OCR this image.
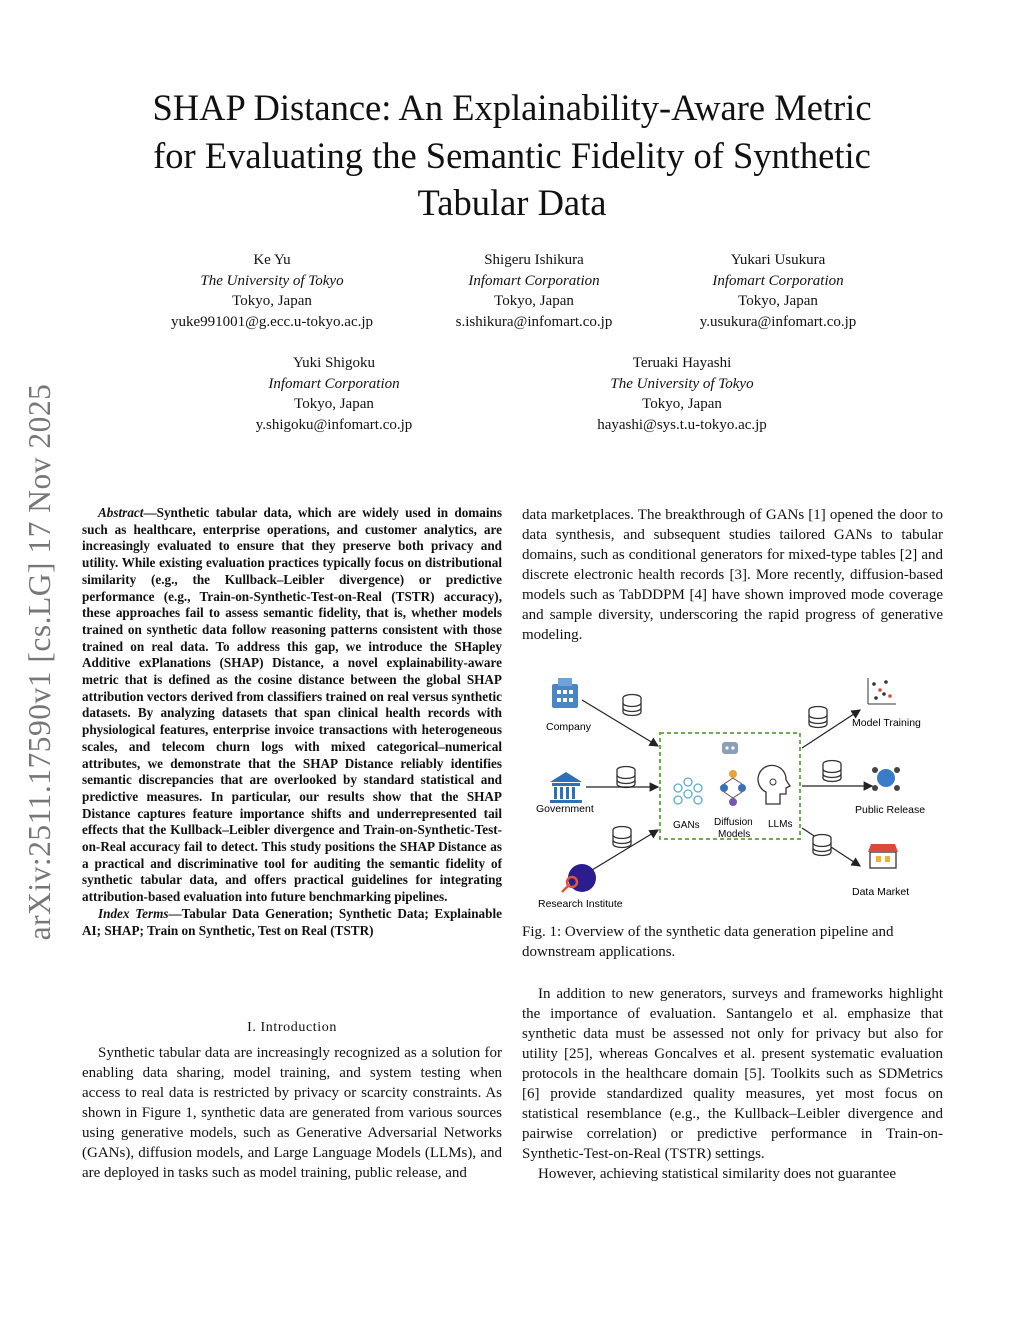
arXiv:2511.17590v1 [cs.LG] 17 Nov 2025
SHAP Distance: An Explainability-Aware Metric
for Evaluating the Semantic Fidelity of Synthetic
Tabular Data
Ke Yu
The University of Tokyo
Tokyo, Japan
yuke991001@g.ecc.u-tokyo.ac.jp
Shigeru Ishikura
Infomart Corporation
Tokyo, Japan
s.ishikura@infomart.co.jp
Yukari Usukura
Infomart Corporation
Tokyo, Japan
y.usukura@infomart.co.jp
Yuki Shigoku
Infomart Corporation
Tokyo, Japan
y.shigoku@infomart.co.jp
Teruaki Hayashi
The University of Tokyo
Tokyo, Japan
hayashi@sys.t.u-tokyo.ac.jp

Abstract—Synthetic tabular data, which are widely used in domains such as healthcare, enterprise operations, and customer analytics, are increasingly evaluated to ensure that they preserve both privacy and utility. While existing evaluation practices typically focus on distributional similarity (e.g., the Kullback–Leibler divergence) or predictive performance (e.g., Train-on-Synthetic-Test-on-Real (TSTR) accuracy), these approaches fail to assess semantic fidelity, that is, whether models trained on synthetic data follow reasoning patterns consistent with those trained on real data. To address this gap, we introduce the SHapley Additive exPlanations (SHAP) Distance, a novel explainability-aware metric that is defined as the cosine distance between the global SHAP attribution vectors derived from classifiers trained on real versus synthetic datasets. By analyzing datasets that span clinical health records with physiological features, enterprise invoice transactions with heterogeneous scales, and telecom churn logs with mixed categorical–numerical attributes, we demonstrate that the SHAP Distance reliably identifies semantic discrepancies that are overlooked by standard statistical and predictive measures. In particular, our results show that the SHAP Distance captures feature importance shifts and underrepresented tail effects that the Kullback–Leibler divergence and Train-on-Synthetic-Test-on-Real accuracy fail to detect. This study positions the SHAP Distance as a practical and discriminative tool for auditing the semantic fidelity of synthetic tabular data, and offers practical guidelines for integrating attribution-based evaluation into future benchmarking pipelines.

Index Terms—Tabular Data Generation; Synthetic Data; Explainable AI; SHAP; Train on Synthetic, Test on Real (TSTR)

I. Introduction

Synthetic tabular data are increasingly recognized as a solution for enabling data sharing, model training, and system testing when access to real data is restricted by privacy or scarcity constraints. As shown in Figure 1, synthetic data are generated from various sources using generative models, such as Generative Adversarial Networks (GANs), diffusion models, and Large Language Models (LLMs), and are deployed in tasks such as model training, public release, and

data marketplaces. The breakthrough of GANs [1] opened the door to data synthesis, and subsequent studies tailored GANs to tabular domains, such as conditional generators for mixed-type tables [2] and discrete electronic health records [3]. More recently, diffusion-based models such as TabDDPM [4] have shown improved mode coverage and sample diversity, underscoring the rapid progress of generative modeling.

Company
Government
Research Institute
GANs Diffusion
Models
LLMs
Model Training
Public Release
Data Market
Fig. 1: Overview of the synthetic data generation pipeline and downstream applications.

In addition to new generators, surveys and frameworks highlight the importance of evaluation. Santangelo et al. emphasize that synthetic data must be assessed not only for privacy but also for utility [25], whereas Goncalves et al. present systematic evaluation protocols in the healthcare domain [5]. Toolkits such as SDMetrics [6] provide standardized quality measures, yet most focus on statistical resemblance (e.g., the Kullback–Leibler divergence and pairwise correlation) or predictive performance in Train-on-Synthetic-Test-on-Real (TSTR) settings.

However, achieving statistical similarity does not guarantee
